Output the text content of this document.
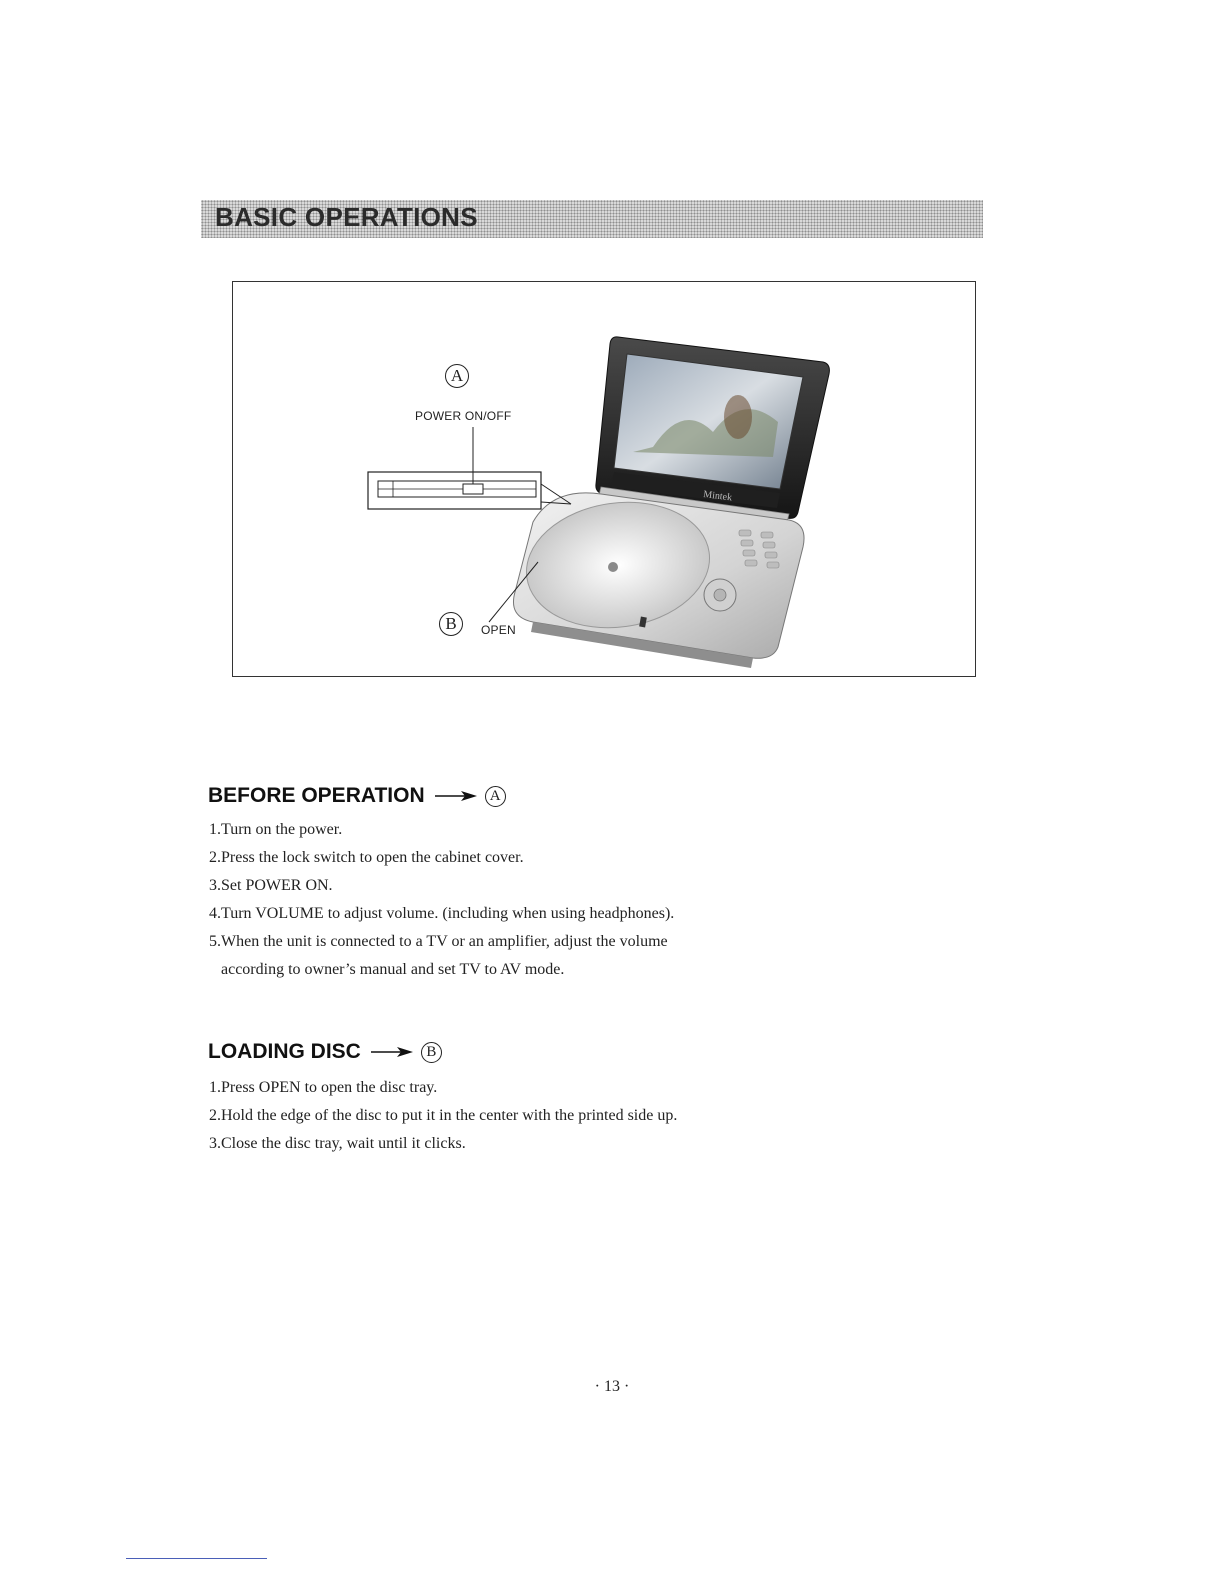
BASIC OPERATIONS
Mintek
A
POWER ON/OFF
B	OPEN
BEFORE OPERATION	A
1.Turn on the power.
2.Press the lock switch to open the cabinet cover.
3.Set POWER ON.
4.Turn VOLUME to adjust volume. (including when using headphones).
5.When the unit is connected to a TV or an amplifier, adjust the volume according to owner’s manual and set TV to AV mode.
LOADING DISC	B
1.Press OPEN to open the disc tray.
2.Hold the edge of the disc to put it in the center with the printed side up.
3.Close the disc tray, wait until it clicks.
· 13 ·
